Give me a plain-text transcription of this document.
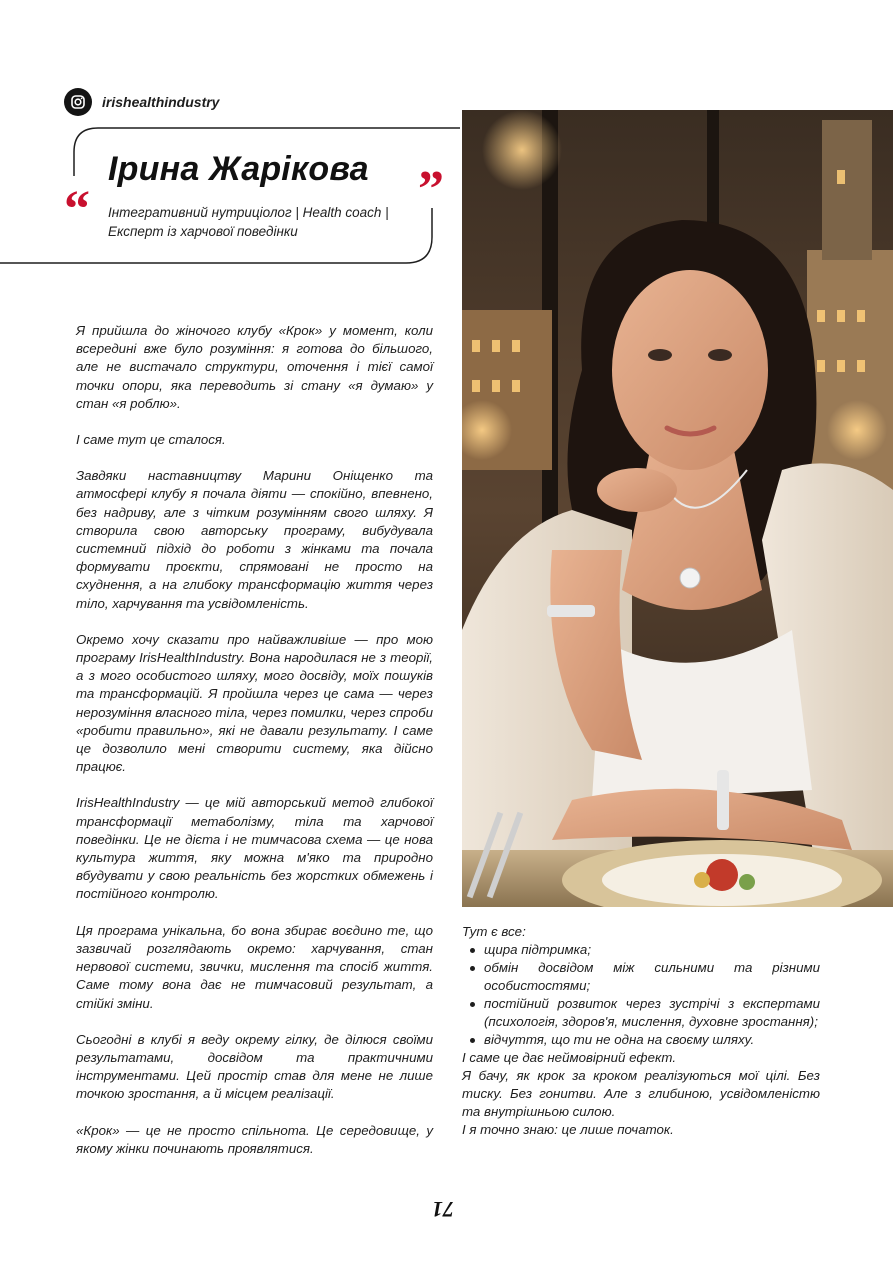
irishealthindustry
Ірина Жарікова
Інтегративний нутриціолог | Health coach |
Експерт із харчової поведінки
“	”

Я прийшла до жіночого клубу «Крок» у момент, коли всередині вже було розуміння: я готова до більшого, але не вистачало структури, оточення і тієї самої точки опори, яка переводить зі стану «я думаю» у стан «я роблю».

І саме тут це сталося.

Завдяки наставництву Марини Оніщенко та атмосфері клубу я почала діяти — спокійно, впевнено, без надриву, але з чітким розумінням свого шляху. Я створила свою авторську програму, вибудувала системний підхід до роботи з жінками та почала формувати проєкти, спрямовані не просто на схуднення, а на глибоку трансформацію життя через тіло, харчування та усвідомленість.

Окремо хочу сказати про найважливіше — про мою програму IrisHealthIndustry. Вона народилася не з теорії, а з мого особистого шляху, мого досвіду, моїх пошуків та трансформацій. Я пройшла через це сама — через нерозуміння власного тіла, через помилки, через спроби «робити правильно», які не давали результату. І саме це дозволило мені створити систему, яка дійсно працює.

IrisHealthIndustry — це мій авторський метод глибокої трансформації метаболізму, тіла та харчової поведінки. Це не дієта і не тимчасова схема — це нова культура життя, яку можна м'яко та природно вбудувати у свою реальність без жорстких обмежень і постійного контролю.

Ця програма унікальна, бо вона збирає воєдино те, що зазвичай розглядають окремо: харчування, стан нервової системи, звички, мислення та спосіб життя. Саме тому вона дає не тимчасовий результат, а стійкі зміни.

Сьогодні в клубі я веду окрему гілку, де ділюся своїми результатами, досвідом та практичними інструментами. Цей простір став для мене не лише точкою зростання, а й місцем реалізації.

«Крок» — це не просто спільнота. Це середовище, у якому жінки починають проявлятися.

Тут є все:

щира підтримка;
обмін досвідом між сильними та різними особистостями;
постійний розвиток через зустрічі з експертами (психологія, здоров'я, мислення, духовне зростання);
відчуття, що ти не одна на своєму шляху.

І саме це дає неймовірний ефект.

Я бачу, як крок за кроком реалізуються мої цілі. Без тиску. Без гонитви. Але з глибиною, усвідомленістю та внутрішньою силою.

І я точно знаю: це лише початок.

71
